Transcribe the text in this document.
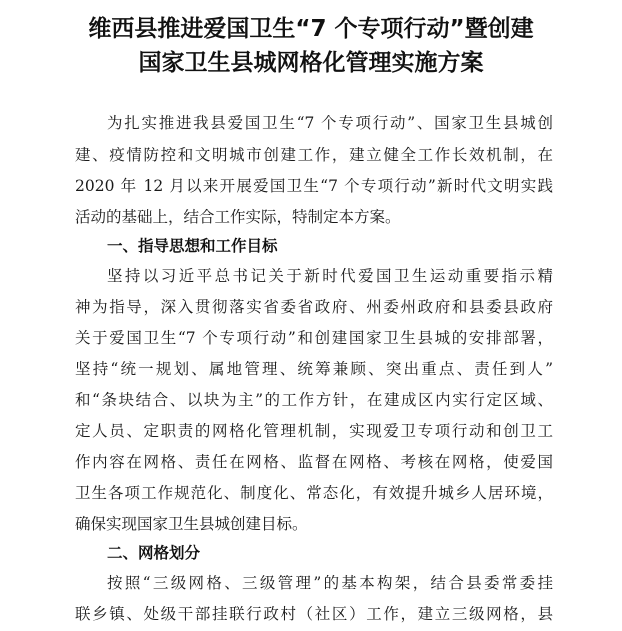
维西县推进爱国卫生“7 个专项行动”暨创建
国家卫生县城网格化管理实施方案
为扎实推进我县爱国卫生“7 个专项行动”、国家卫生县城创
建、疫情防控和文明城市创建工作，建立健全工作长效机制，在
2020 年 12 月以来开展爱国卫生“7 个专项行动”新时代文明实践
活动的基础上，结合工作实际，特制定本方案。
一、指导思想和工作目标
坚持以习近平总书记关于新时代爱国卫生运动重要指示精
神为指导，深入贯彻落实省委省政府、州委州政府和县委县政府
关于爱国卫生“7 个专项行动”和创建国家卫生县城的安排部署，
坚持“统一规划、属地管理、统筹兼顾、突出重点、责任到人”
和“条块结合、以块为主”的工作方针，在建成区内实行定区域、
定人员、定职责的网格化管理机制，实现爱卫专项行动和创卫工
作内容在网格、责任在网格、监督在网格、考核在网格，使爱国
卫生各项工作规范化、制度化、常态化，有效提升城乡人居环境，
确保实现国家卫生县城创建目标。
二、网格划分
按照“三级网格、三级管理”的基本构架，结合县委常委挂
联乡镇、处级干部挂联行政村（社区）工作，建立三级网格，县
